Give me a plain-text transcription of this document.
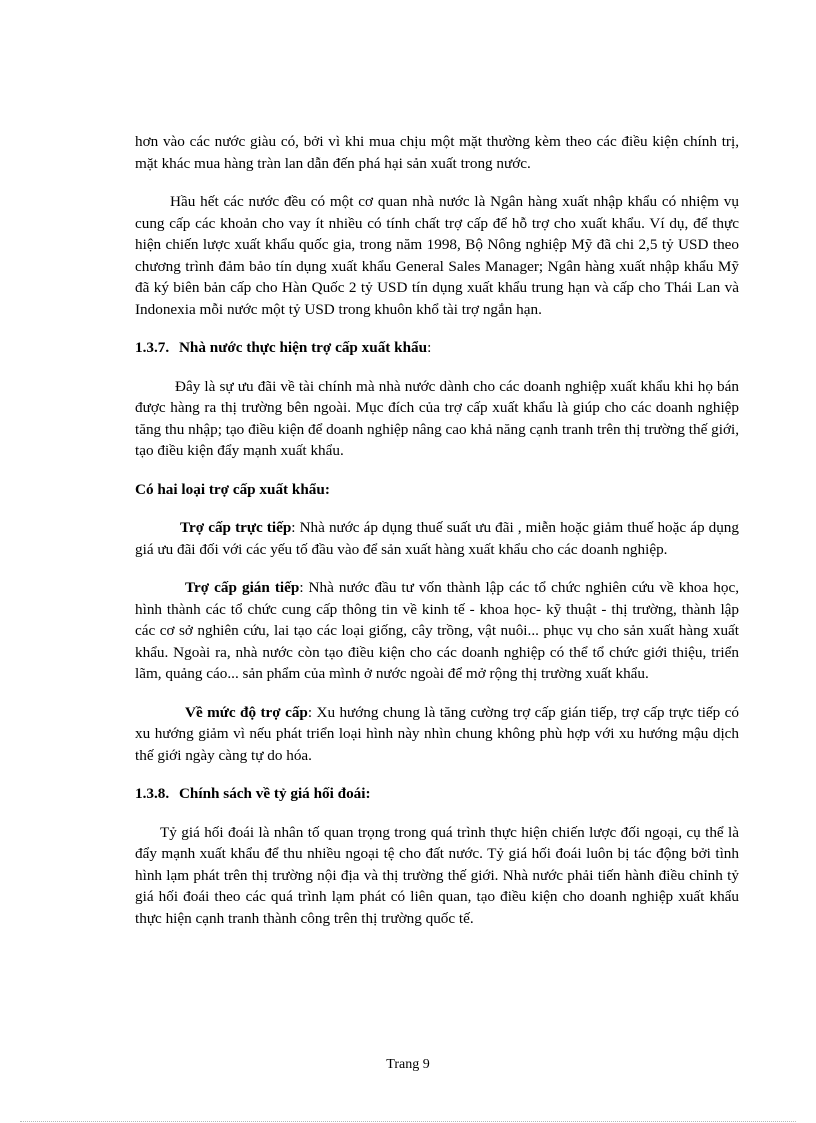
hơn vào các nước giàu có, bởi vì khi mua chịu một mặt thường kèm theo các điều kiện chính trị, mặt khác mua hàng tràn lan dẫn đến phá hại sản xuất trong nước.

Hầu hết các nước đều có một cơ quan nhà nước là Ngân hàng xuất nhập khẩu có nhiệm vụ cung cấp các khoản cho vay ít nhiều có tính chất trợ cấp để hỗ trợ cho xuất khẩu. Ví dụ, để thực hiện chiến lược xuất khẩu quốc gia, trong năm 1998, Bộ Nông nghiệp Mỹ đã chi 2,5 tỷ USD theo chương trình đảm bảo tín dụng xuất khẩu General Sales Manager; Ngân hàng xuất nhập khẩu Mỹ đã ký biên bản cấp cho Hàn Quốc 2 tỷ USD tín dụng xuất khẩu trung hạn và cấp cho Thái Lan và Indonexia mỗi nước một tỷ USD trong khuôn khổ tài trợ ngắn hạn.

1.3.7. Nhà nước thực hiện trợ cấp xuất khẩu:

Đây là sự ưu đãi về tài chính mà nhà nước dành cho các doanh nghiệp xuất khẩu khi họ bán được hàng ra thị trường bên ngoài. Mục đích của trợ cấp xuất khẩu là giúp cho các doanh nghiệp tăng thu nhập; tạo điều kiện để doanh nghiệp nâng cao khả năng cạnh tranh trên thị trường thế giới, tạo điều kiện đẩy mạnh xuất khẩu.

Có hai loại trợ cấp xuất khẩu:

Trợ cấp trực tiếp: Nhà nước áp dụng thuế suất ưu đãi , miễn hoặc giảm thuế hoặc áp dụng giá ưu đãi đối với các yếu tố đầu vào để sản xuất hàng xuất khẩu cho các doanh nghiệp.

Trợ cấp gián tiếp: Nhà nước đầu tư vốn thành lập các tổ chức nghiên cứu về khoa học, hình thành các tổ chức cung cấp thông tin về kinh tế - khoa học- kỹ thuật - thị trường, thành lập các cơ sở nghiên cứu, lai tạo các loại giống, cây trồng, vật nuôi... phục vụ cho sản xuất hàng xuất khẩu. Ngoài ra, nhà nước còn tạo điều kiện cho các doanh nghiệp có thể tổ chức giới thiệu, triển lãm, quảng cáo... sản phẩm của mình ở nước ngoài để mở rộng thị trường xuất khẩu.

Về mức độ trợ cấp: Xu hướng chung là tăng cường trợ cấp gián tiếp, trợ cấp trực tiếp có xu hướng giảm vì nếu phát triển loại hình này nhìn chung không phù hợp với xu hướng mậu dịch thế giới ngày càng tự do hóa.

1.3.8. Chính sách về tỷ giá hối đoái:

Tỷ giá hối đoái là nhân tố quan trọng trong quá trình thực hiện chiến lược đối ngoại, cụ thể là đẩy mạnh xuất khẩu để thu nhiều ngoại tệ cho đất nước. Tỷ giá hối đoái luôn bị tác động bởi tình hình lạm phát trên thị trường nội địa và thị trường thế giới. Nhà nước phải tiến hành điều chỉnh tỷ giá hối đoái theo các quá trình lạm phát có liên quan, tạo điều kiện cho doanh nghiệp xuất khẩu thực hiện cạnh tranh thành công trên thị trường quốc tế.

Trang 9
